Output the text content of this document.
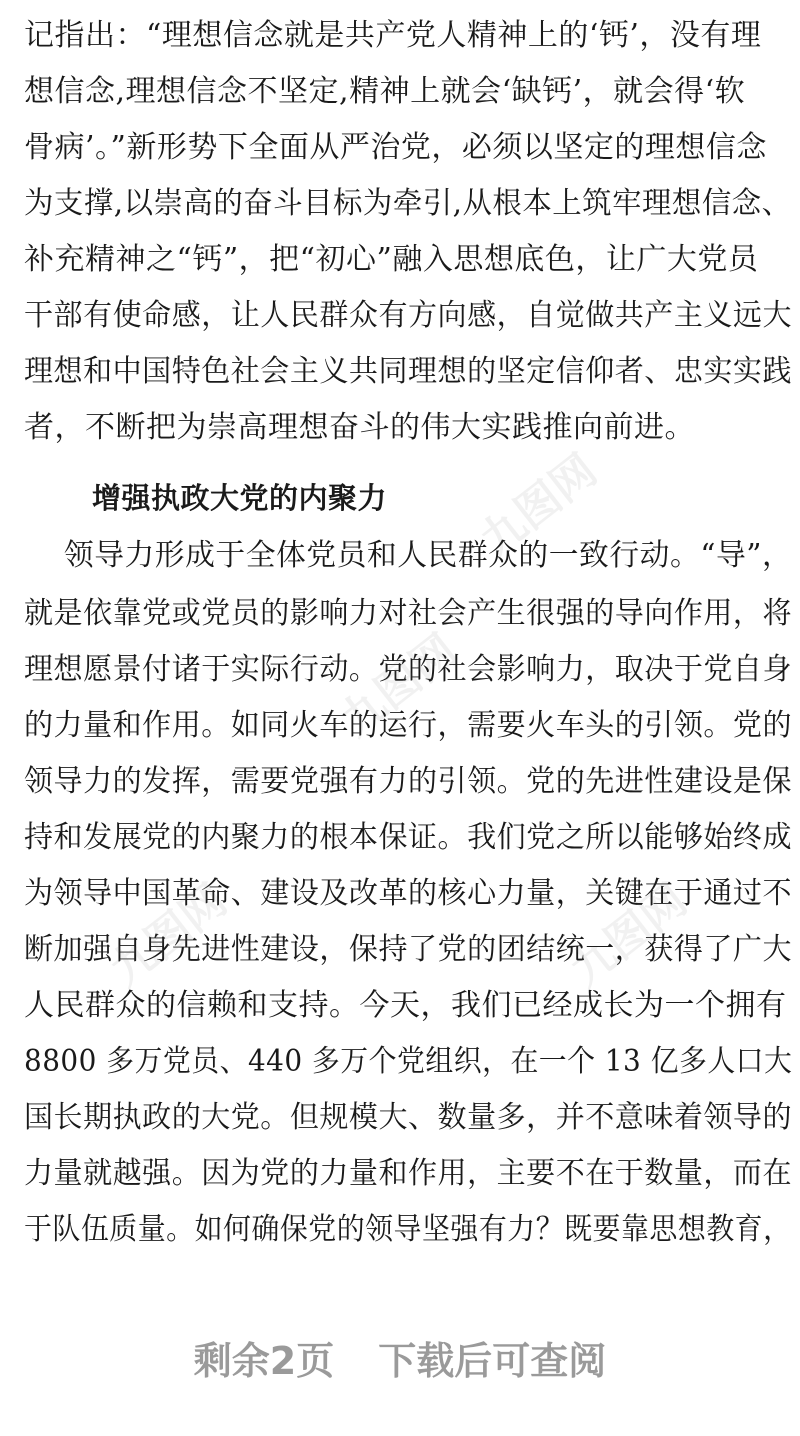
记指出：“理想信念就是共产党人精神上的‘钙’，没有理
想信念,理想信念不坚定,精神上就会‘缺钙’，就会得‘软
骨病’。”新形势下全面从严治党，必须以坚定的理想信念
为支撑,以崇高的奋斗目标为牵引,从根本上筑牢理想信念、
补充精神之“钙”，把“初心”融入思想底色，让广大党员
干部有使命感，让人民群众有方向感，自觉做共产主义远大
理想和中国特色社会主义共同理想的坚定信仰者、忠实实践
者，不断把为崇高理想奋斗的伟大实践推向前进。
增强执政大党的内聚力
领导力形成于全体党员和人民群众的一致行动。“导”，
就是依靠党或党员的影响力对社会产生很强的导向作用，将
理想愿景付诸于实际行动。党的社会影响力，取决于党自身
的力量和作用。如同火车的运行，需要火车头的引领。党的
领导力的发挥，需要党强有力的引领。党的先进性建设是保
持和发展党的内聚力的根本保证。我们党之所以能够始终成
为领导中国革命、建设及改革的核心力量，关键在于通过不
断加强自身先进性建设，保持了党的团结统一，获得了广大
人民群众的信赖和支持。今天，我们已经成长为一个拥有
8800 多万党员、440 多万个党组织，在一个 13 亿多人口大
国长期执政的大党。但规模大、数量多，并不意味着领导的
力量就越强。因为党的力量和作用，主要不在于数量，而在
于队伍质量。如何确保党的领导坚强有力？既要靠思想教育，
九图网
九图网
九图网	九图网
剩余2页 下载后可查阅
